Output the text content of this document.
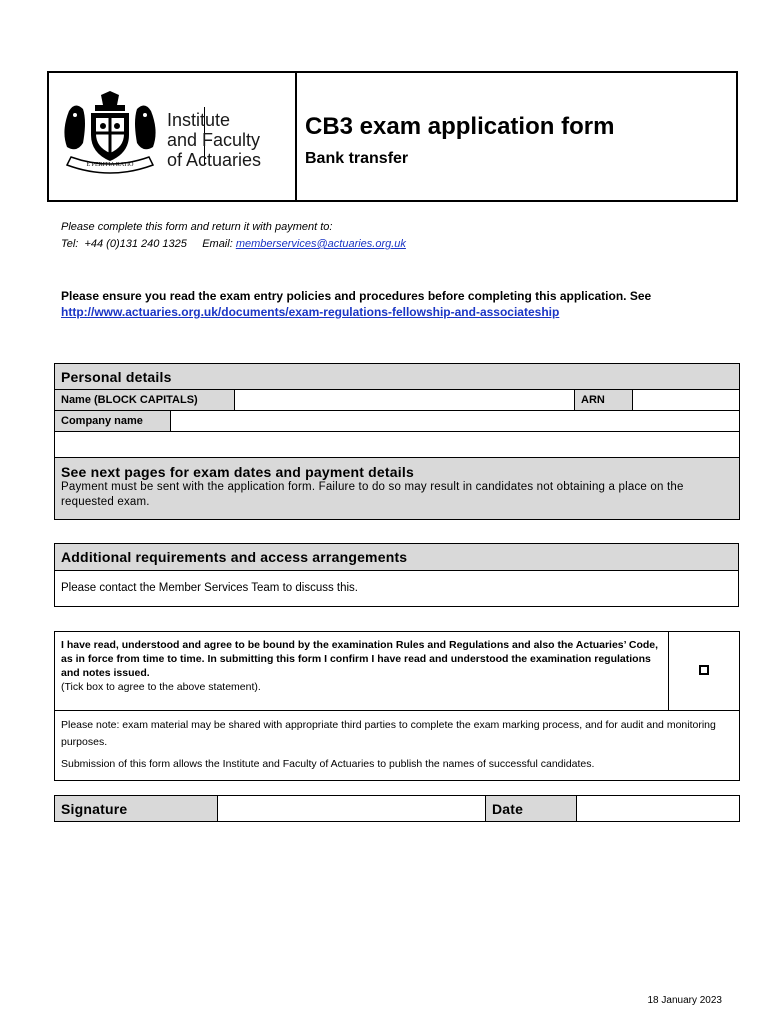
E PERITIA RATIO
Institute
and Faculty
of Actuaries
CB3 exam application form
Bank transfer
Please complete this form and return it with payment to:
Tel: +44 (0)131 240 1325 Email: memberservices@actuaries.org.uk
Please ensure you read the exam entry policies and procedures before completing this application. See
http://www.actuaries.org.uk/documents/exam-regulations-fellowship-and-associateship
Personal details				
Name (BLOCK CAPITALS)			ARN	
Company name				

See next pages for exam dates and payment details
Payment must be sent with the application form. Failure to do so may result in candidates not obtaining a place on the requested exam.				
Additional requirements and access arrangements
Please contact the Member Services Team to discuss this.
I have read, understood and agree to be bound by the examination Rules and Regulations and also the Actuaries’ Code, as in force from time to time. In submitting this form I confirm I have read and understood the examination regulations and notes issued.
(Tick box to agree to the above statement).

Please note: exam material may be shared with appropriate third parties to complete the exam marking process, and for audit and monitoring purposes.
Submission of this form allows the Institute and Faculty of Actuaries to publish the names of successful candidates.
Signature		Date	
18 January 2023
